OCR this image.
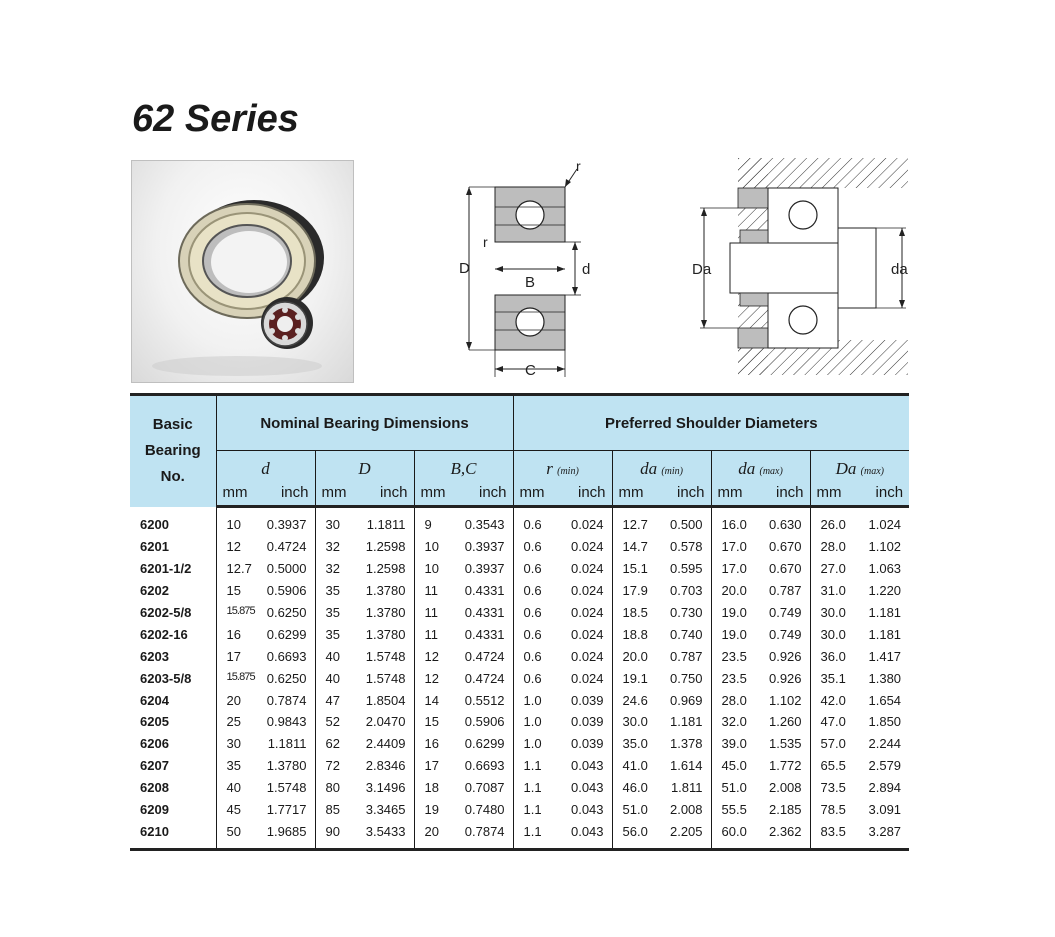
62 Series
D
r
d
B
C
r
Da	da
Basic
Bearing
No.	Nominal Bearing Dimensions			Preferred Shoulder Diameters			
	d	D	B,C	r (min)	da (min)	da (max)	Da (max)

	mm inch	mm inch	mm inch	mm inch	mm inch	mm inch	mm inch

6200	10 0.3937	30 1.1811	9 0.3543	0.6 0.024	12.7 0.500	16.0 0.630	26.0 1.024

6201	12 0.4724	32 1.2598	10 0.3937	0.6 0.024	14.7 0.578	17.0 0.670	28.0 1.102

6201-1/2	12.7 0.5000	32 1.2598	10 0.3937	0.6 0.024	15.1 0.595	17.0 0.670	27.0 1.063

6202	15 0.5906	35 1.3780	11 0.4331	0.6 0.024	17.9 0.703	20.0 0.787	31.0 1.220

6202-5/8	15.875 0.6250	35 1.3780	11 0.4331	0.6 0.024	18.5 0.730	19.0 0.749	30.0 1.181

6202-16	16 0.6299	35 1.3780	11 0.4331	0.6 0.024	18.8 0.740	19.0 0.749	30.0 1.181

6203	17 0.6693	40 1.5748	12 0.4724	0.6 0.024	20.0 0.787	23.5 0.926	36.0 1.417

6203-5/8	15.875 0.6250	40 1.5748	12 0.4724	0.6 0.024	19.1 0.750	23.5 0.926	35.1 1.380

6204	20 0.7874	47 1.8504	14 0.5512	1.0 0.039	24.6 0.969	28.0 1.102	42.0 1.654

6205	25 0.9843	52 2.0470	15 0.5906	1.0 0.039	30.0 1.181	32.0 1.260	47.0 1.850

6206	30 1.1811	62 2.4409	16 0.6299	1.0 0.039	35.0 1.378	39.0 1.535	57.0 2.244

6207	35 1.3780	72 2.8346	17 0.6693	1.1 0.043	41.0 1.614	45.0 1.772	65.5 2.579

6208	40 1.5748	80 3.1496	18 0.7087	1.1 0.043	46.0 1.811	51.0 2.008	73.5 2.894

6209	45 1.7717	85 3.3465	19 0.7480	1.1 0.043	51.0 2.008	55.5 2.185	78.5 3.091

6210	50 1.9685	90 3.5433	20 0.7874	1.1 0.043	56.0 2.205	60.0 2.362	83.5 3.287
